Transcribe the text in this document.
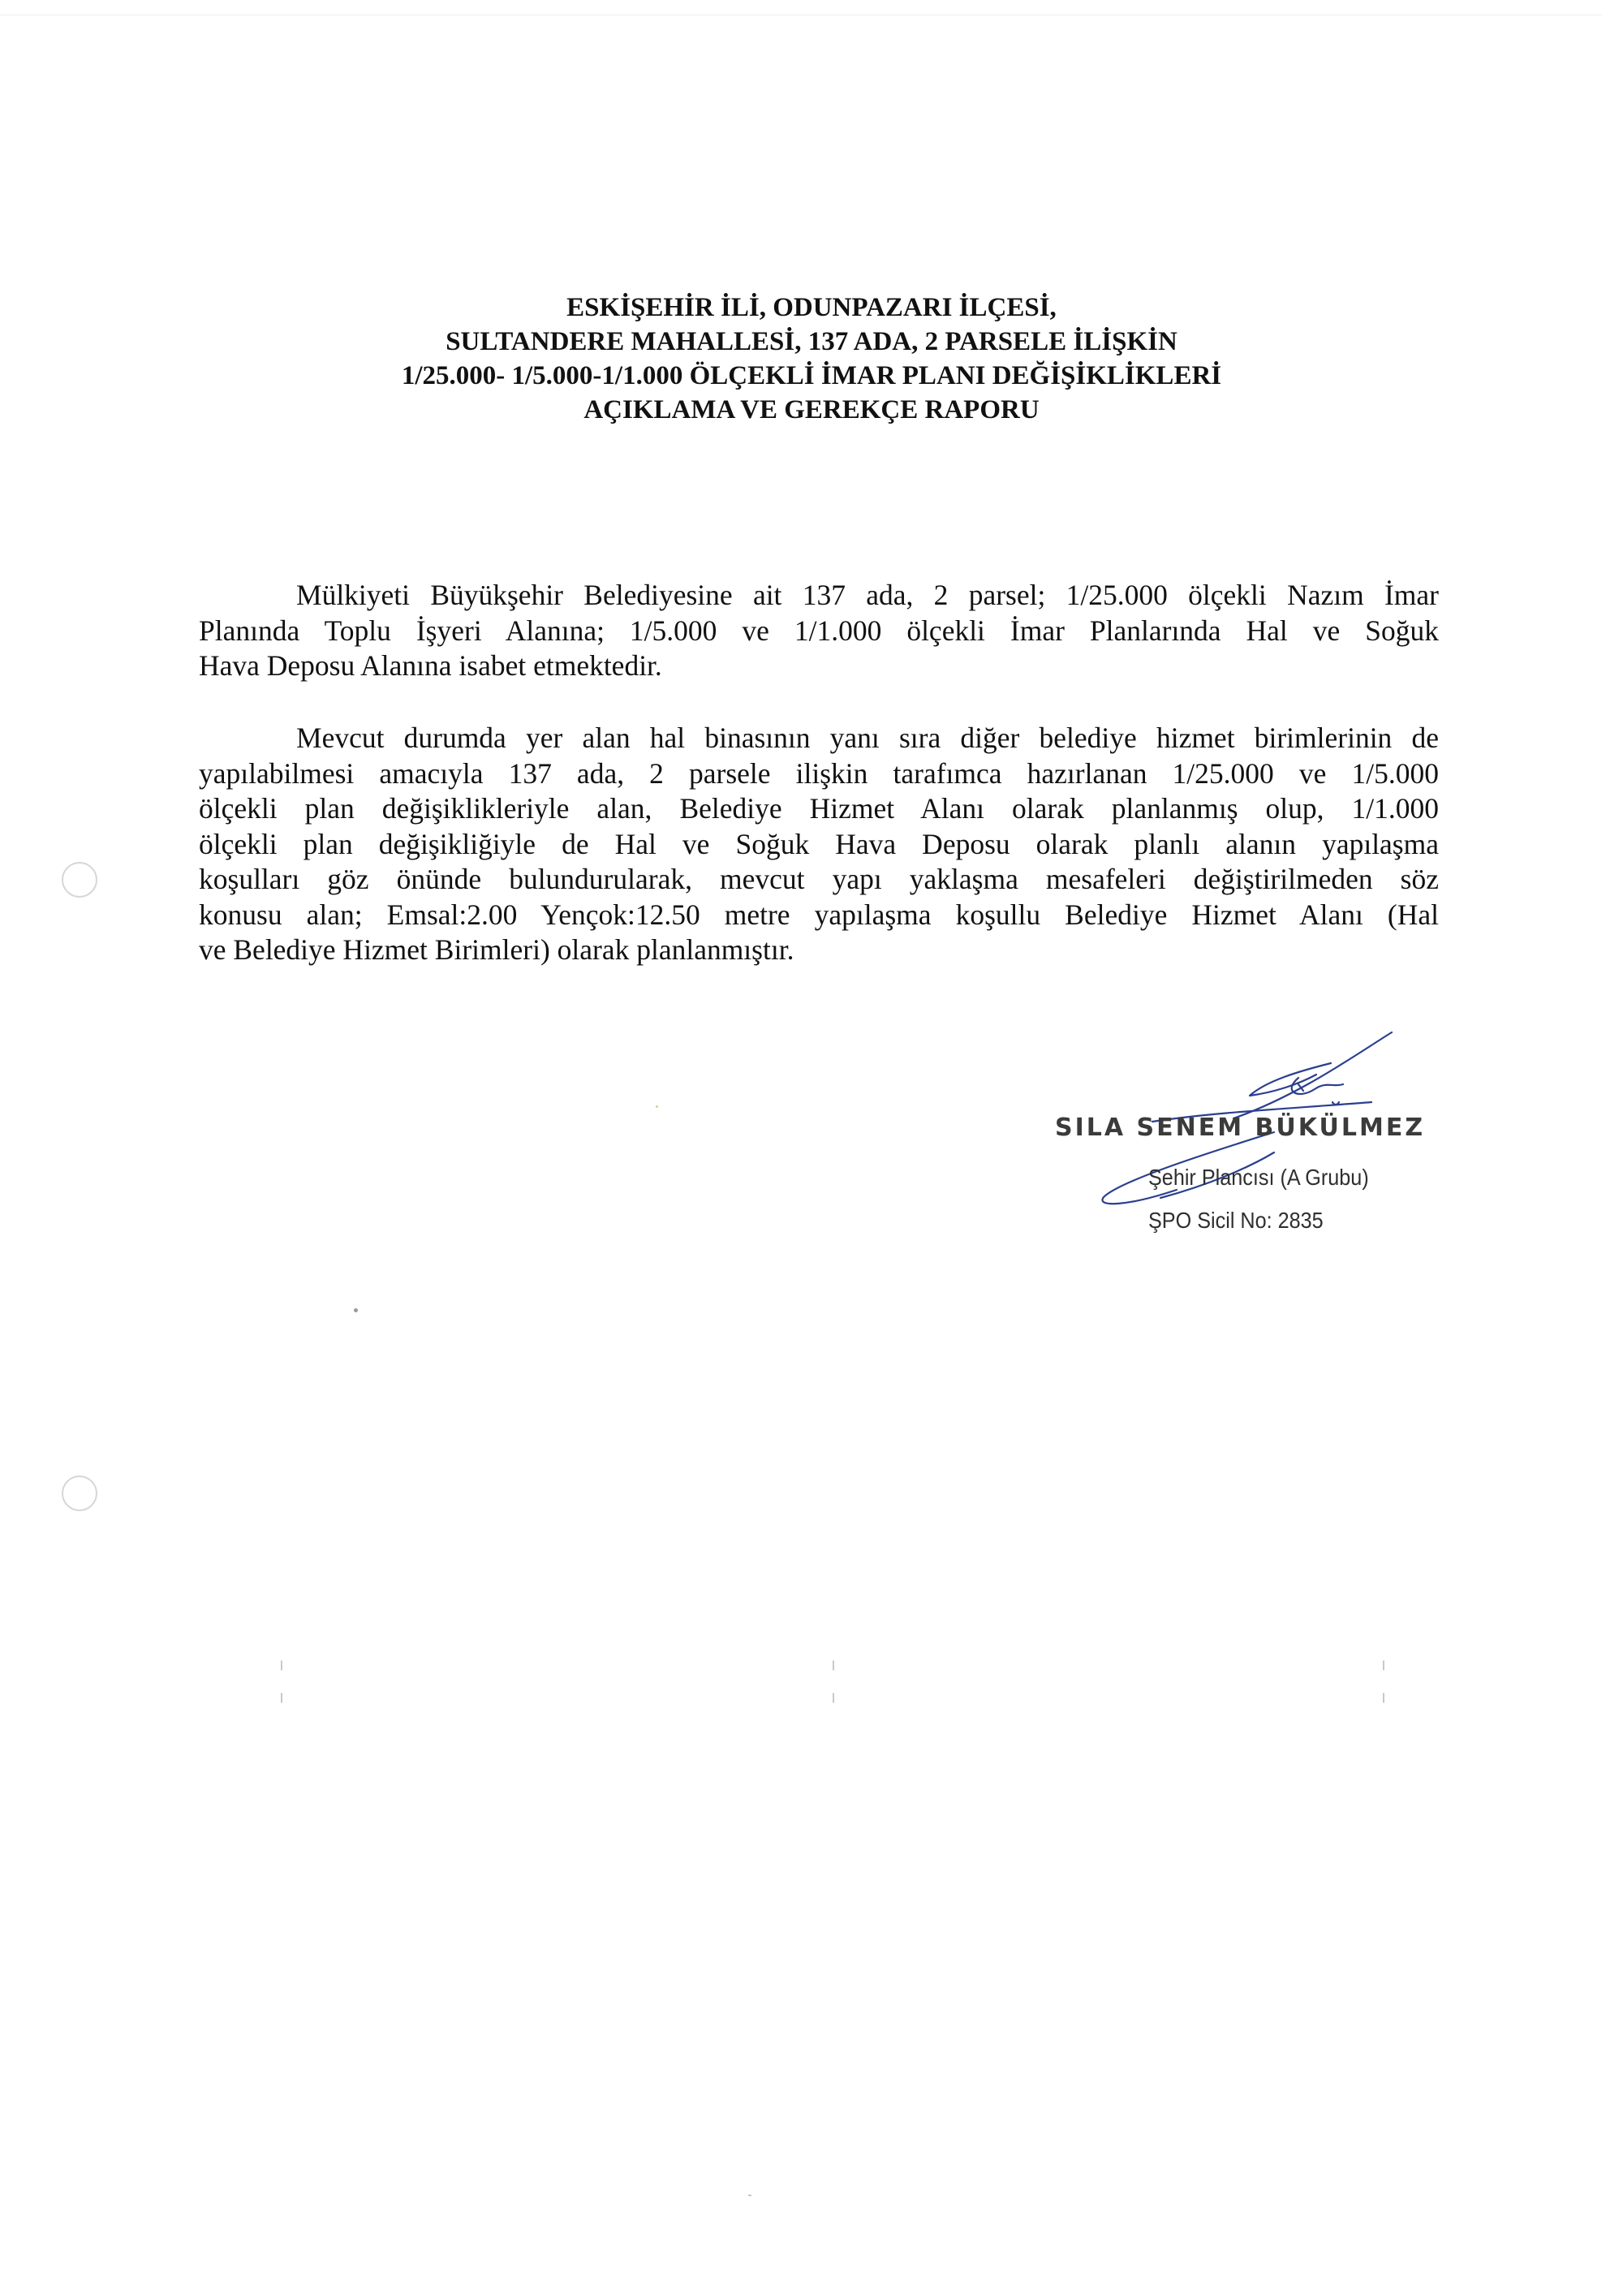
ESKİŞEHİR İLİ, ODUNPAZARI İLÇESİ,
SULTANDERE MAHALLESİ, 137 ADA, 2 PARSELE İLİŞKİN
1/25.000- 1/5.000-1/1.000 ÖLÇEKLİ İMAR PLANI DEĞİŞİKLİKLERİ
AÇIKLAMA VE GEREKÇE RAPORU
Mülkiyeti Büyükşehir Belediyesine ait 137 ada, 2 parsel; 1/25.000 ölçekli Nazım İmar
Planında Toplu İşyeri Alanına; 1/5.000 ve 1/1.000 ölçekli İmar Planlarında Hal ve Soğuk
Hava Deposu Alanına isabet etmektedir.
Mevcut durumda yer alan hal binasının yanı sıra diğer belediye hizmet birimlerinin de
yapılabilmesi amacıyla 137 ada, 2 parsele ilişkin tarafımca hazırlanan 1/25.000 ve 1/5.000
ölçekli plan değişiklikleriyle alan, Belediye Hizmet Alanı olarak planlanmış olup, 1/1.000
ölçekli plan değişikliğiyle de Hal ve Soğuk Hava Deposu olarak planlı alanın yapılaşma
koşulları göz önünde bulundurularak, mevcut yapı yaklaşma mesafeleri değiştirilmeden söz
konusu alan; Emsal:2.00 Yençok:12.50 metre yapılaşma koşullu Belediye Hizmet Alanı (Hal
ve Belediye Hizmet Birimleri) olarak planlanmıştır.
SILA SENEM BÜKÜLMEZ
Şehir Plancısı (A Grubu)
ŞPO Sicil No: 2835
